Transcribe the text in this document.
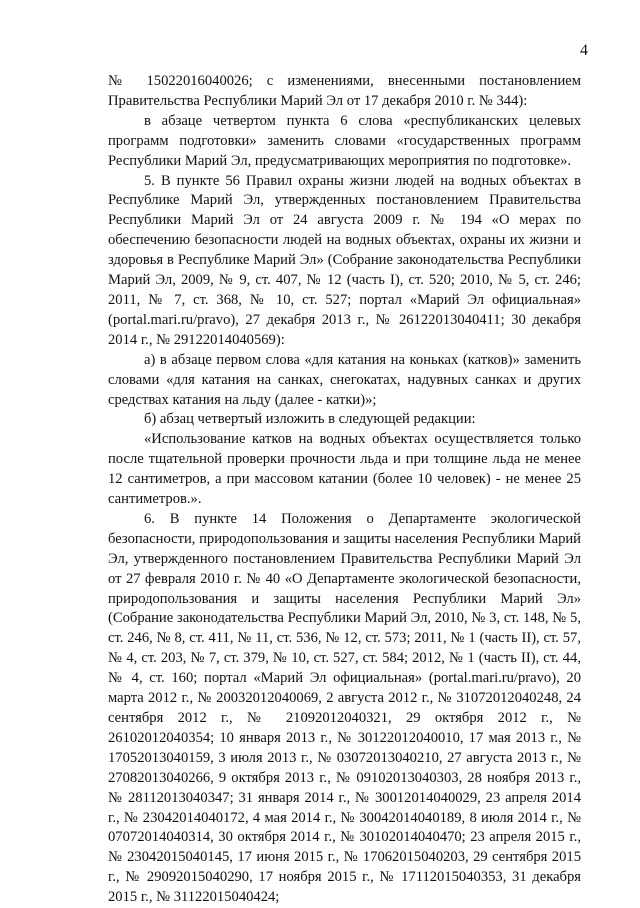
4

№ 15022016040026; с изменениями, внесенными постановлением Правительства Республики Марий Эл от 17 декабря 2010 г. № 344):

в абзаце четвертом пункта 6 слова «республиканских целевых программ подготовки» заменить словами «государственных программ Республики Марий Эл, предусматривающих мероприятия по подготовке».

5. В пункте 56 Правил охраны жизни людей на водных объектах в Республике Марий Эл, утвержденных постановлением Правительства Республики Марий Эл от 24 августа 2009 г. № 194 «О мерах по обеспечению безопасности людей на водных объектах, охраны их жизни и здоровья в Республике Марий Эл» (Собрание законодательства Республики Марий Эл, 2009, № 9, ст. 407, № 12 (часть I), ст. 520; 2010, № 5, ст. 246; 2011, № 7, ст. 368, № 10, ст. 527; портал «Марий Эл официальная» (portal.mari.ru/pravo), 27 декабря 2013 г., № 26122013040411; 30 декабря 2014 г., № 29122014040569):

а) в абзаце первом слова «для катания на коньках (катков)» заменить словами «для катания на санках, снегокатах, надувных санках и других средствах катания на льду (далее - катки)»;

б) абзац четвертый изложить в следующей редакции:

«Использование катков на водных объектах осуществляется только после тщательной проверки прочности льда и при толщине льда не менее 12 сантиметров, а при массовом катании (более 10 человек) - не менее 25 сантиметров.».

6. В пункте 14 Положения о Департаменте экологической безопасности, природопользования и защиты населения Республики Марий Эл, утвержденного постановлением Правительства Республики Марий Эл от 27 февраля 2010 г. № 40 «О Департаменте экологической безопасности, природопользования и защиты населения Республики Марий Эл» (Собрание законодательства Республики Марий Эл, 2010, № 3, ст. 148, № 5, ст. 246, № 8, ст. 411, № 11, ст. 536, № 12, ст. 573; 2011, № 1 (часть II), ст. 57, № 4, ст. 203, № 7, ст. 379, № 10, ст. 527, ст. 584; 2012, № 1 (часть II), ст. 44, № 4, ст. 160; портал «Марий Эл официальная» (portal.mari.ru/pravo), 20 марта 2012 г., № 20032012040069, 2 августа 2012 г., № 31072012040248, 24 сентября 2012 г., № 21092012040321, 29 октября 2012 г., № 26102012040354; 10 января 2013 г., № 30122012040010, 17 мая 2013 г., № 17052013040159, 3 июля 2013 г., № 03072013040210, 27 августа 2013 г., № 27082013040266, 9 октября 2013 г., № 09102013040303, 28 ноября 2013 г., № 28112013040347; 31 января 2014 г., № 30012014040029, 23 апреля 2014 г., № 23042014040172, 4 мая 2014 г., № 30042014040189, 8 июля 2014 г., № 07072014040314, 30 октября 2014 г., № 30102014040470; 23 апреля 2015 г., № 23042015040145, 17 июня 2015 г., № 17062015040203, 29 сентября 2015 г., № 29092015040290, 17 ноября 2015 г., № 17112015040353, 31 декабря 2015 г., № 31122015040424;
